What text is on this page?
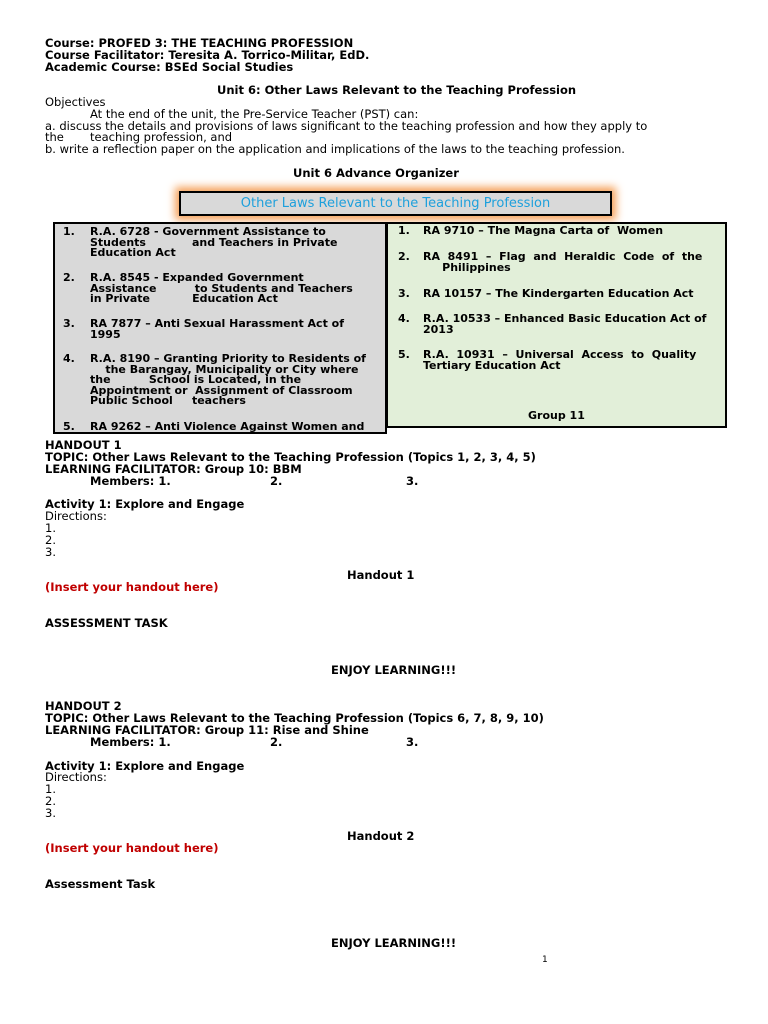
Course: PROFED 3: THE TEACHING PROFESSION
Course Facilitator: Teresita A. Torrico-Militar, EdD.
Academic Course: BSEd Social Studies
Unit 6: Other Laws Relevant to the Teaching Profession
Objectives
At the end of the unit, the Pre-Service Teacher (PST) can:
a. discuss the details and provisions of laws significant to the teaching profession and how they apply to
the teaching profession, and
b. write a reflection paper on the application and implications of the laws to the teaching profession.
Unit 6 Advance Organizer
Other Laws Relevant to the Teaching Profession
1. R.A. 6728 - Government Assistance to
Students            and Teachers in Private
Education Act
2. R.A. 8545 - Expanded Government
Assistance          to Students and Teachers
in Private           Education Act
3. RA 7877 – Anti Sexual Harassment Act of
1995
4. R.A. 8190 – Granting Priority to Residents of
the Barangay, Municipality or City where
the          School is Located, in the
Appointment or  Assignment of Classroom
Public School     teachers
5. RA 9262 – Anti Violence Against Women and
1. RA 9710 – The Magna Carta of  Women
2. RA  8491  –  Flag  and  Heraldic  Code  of  the
Philippines
3. RA 10157 – The Kindergarten Education Act
4. R.A. 10533 – Enhanced Basic Education Act of
2013
5. R.A.  10931  –  Universal  Access  to  Quality
Tertiary Education Act
Group 11
HANDOUT 1
TOPIC: Other Laws Relevant to the Teaching Profession (Topics 1, 2, 3, 4, 5)
LEARNING FACILITATOR: Group 10: BBM
Members: 1.	2.	3.
Activity 1: Explore and Engage
Directions:
1.
2.
3.
Handout 1
(Insert your handout here)
ASSESSMENT TASK
ENJOY LEARNING!!!
HANDOUT 2
TOPIC: Other Laws Relevant to the Teaching Profession (Topics 6, 7, 8, 9, 10)
LEARNING FACILITATOR: Group 11: Rise and Shine
Members: 1.	2.	3.
Activity 1: Explore and Engage
Directions:
1.
2.
3.
Handout 2
(Insert your handout here)
Assessment Task
ENJOY LEARNING!!!
1
